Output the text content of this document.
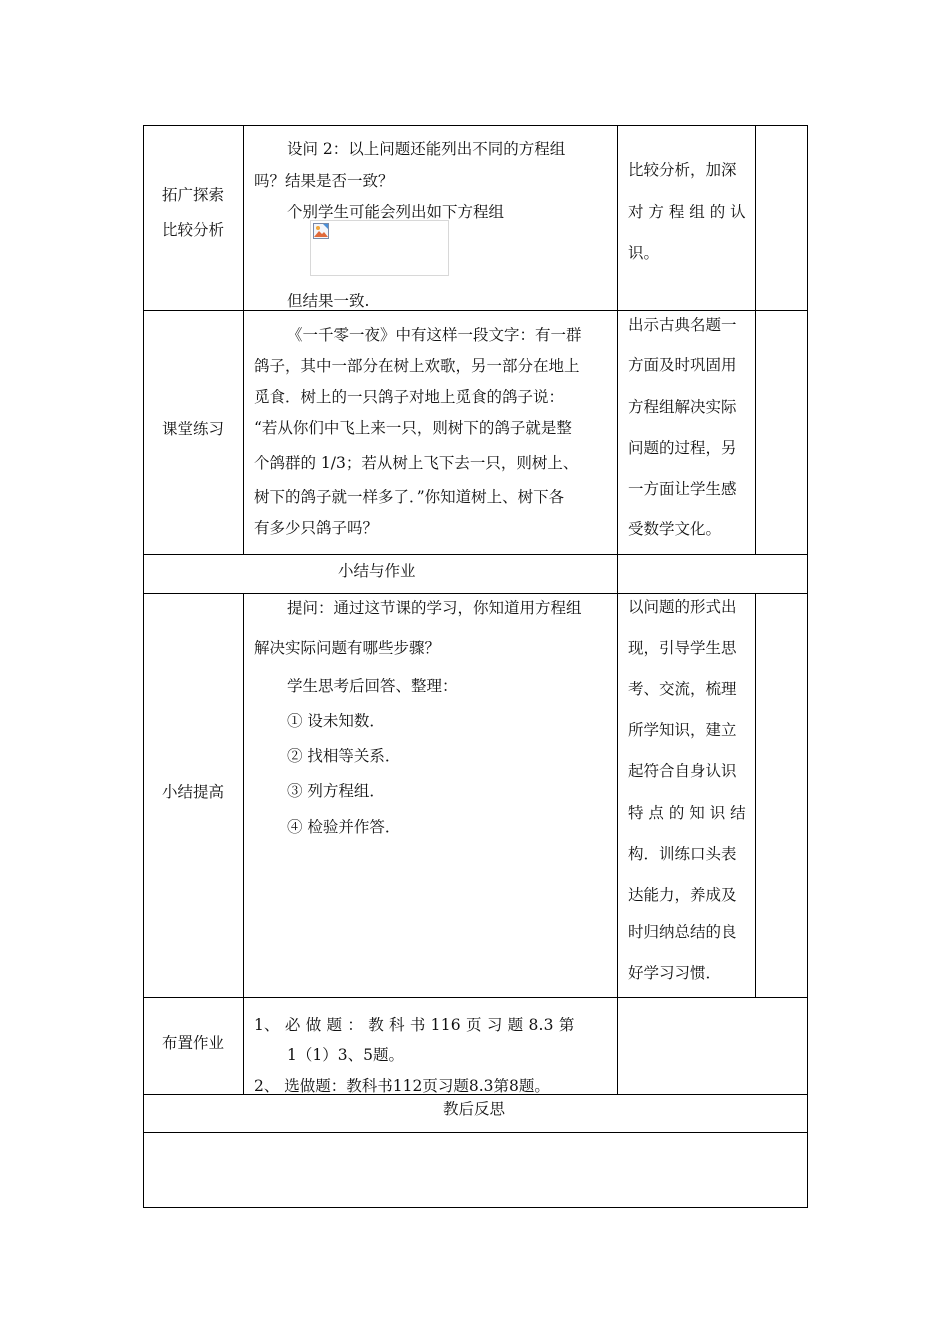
拓广探索
比较分析
设问 2：以上问题还能列出不同的方程组
吗？结果是否一致？
个别学生可能会列出如下方程组
但结果一致.
比较分析，加深
对 方 程 组 的 认
识。
课堂练习
《一千零一夜》中有这样一段文字：有一群
鸽子，其中一部分在树上欢歌，另一部分在地上
觅食．树上的一只鸽子对地上觅食的鸽子说：
“若从你们中飞上来一只，则树下的鸽子就是整
个鸽群的 1/3；若从树上飞下去一只，则树上、
树下的鸽子就一样多了．”你知道树上、树下各
有多少只鸽子吗？
出示古典名题一
方面及时巩固用
方程组解决实际
问题的过程，另
一方面让学生感
受数学文化。
小结与作业
小结提高
提问：通过这节课的学习，你知道用方程组
解决实际问题有哪些步骤？
学生思考后回答、整理：
① 设未知数．
② 找相等关系．
③ 列方程组．
④ 检验并作答．
以问题的形式出
现，引导学生思
考、交流，梳理
所学知识，建立
起符合自身认识
特 点 的 知 识 结
构．训练口头表
达能力，养成及
时归纳总结的良
好学习习惯．
布置作业
1、 必 做 题 ： 教 科 书 116 页 习 题 8.3 第
1（1）3、5题。
2、 选做题：教科书112页习题8.3第8题。
教后反思
